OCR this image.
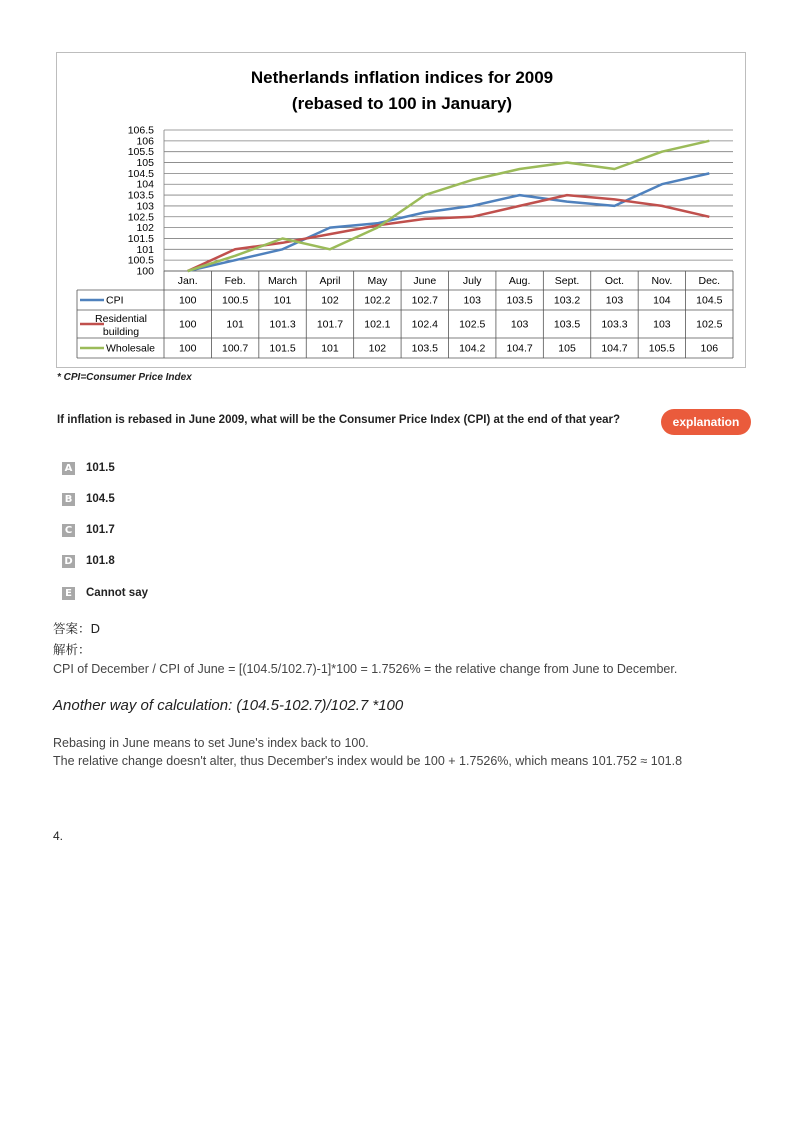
Netherlands inflation indices for 2009
(rebased to 100 in January)
100
100.5
101
101.5
102
102.5
103
103.5
104
104.5
105
105.5
106
106.5
Jan.	Feb. March April	May June	July	Aug. Sept. Oct.	Nov. Dec.
CPI	100 100.5 101	102 102.2 102.7 103 103.5 103.2 103	104 104.5
Residential
building
100	101 101.3 101.7 102.1 102.4 102.5 103 103.5 103.3 103 102.5
Wholesale 100 100.7 101.5 101	102 103.5 104.2 104.7 105 104.7 105.5 106
* CPI=Consumer Price Index
If inflation is rebased in June 2009, what will be the Consumer Price Index (CPI) at the end of that year?	explanation
A 101.5
B 104.5
C 101.7
D 101.8
E Cannot say
答案：D
解析：
CPI of December / CPI of June = [(104.5/102.7)-1]*100 = 1.7526% = the relative change from June to December.
Another way of calculation: (104.5-102.7)/102.7 *100
Rebasing in June means to set June's index back to 100.
The relative change doesn't alter, thus December's index would be 100 + 1.7526%, which means 101.752 ≈ 101.8
4.
